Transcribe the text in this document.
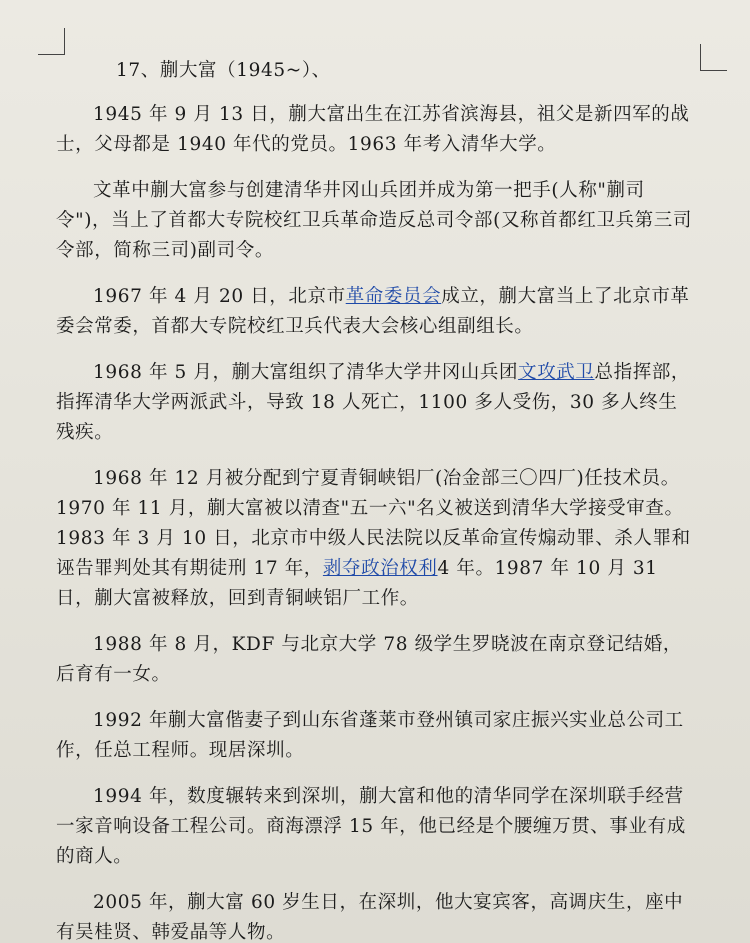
17、蒯大富（1945~）、

1945 年 9 月 13 日，蒯大富出生在江苏省滨海县，祖父是新四军的战士，父母都是 1940 年代的党员。1963 年考入清华大学。

文革中蒯大富参与创建清华井冈山兵团并成为第一把手(人称"蒯司令")，当上了首都大专院校红卫兵革命造反总司令部(又称首都红卫兵第三司令部，简称三司)副司令。

1967 年 4 月 20 日，北京市革命委员会成立，蒯大富当上了北京市革委会常委，首都大专院校红卫兵代表大会核心组副组长。

1968 年 5 月，蒯大富组织了清华大学井冈山兵团文攻武卫总指挥部，指挥清华大学两派武斗，导致 18 人死亡，1100 多人受伤，30 多人终生残疾。

1968 年 12 月被分配到宁夏青铜峡铝厂(冶金部三〇四厂)任技术员。1970 年 11 月，蒯大富被以清查"五一六"名义被送到清华大学接受审查。1983 年 3 月 10 日，北京市中级人民法院以反革命宣传煽动罪、杀人罪和诬告罪判处其有期徒刑 17 年，剥夺政治权利4 年。1987 年 10 月 31 日，蒯大富被释放，回到青铜峡铝厂工作。

1988 年 8 月，KDF 与北京大学 78 级学生罗晓波在南京登记结婚，后育有一女。

1992 年蒯大富偕妻子到山东省蓬莱市登州镇司家庄振兴实业总公司工作，任总工程师。现居深圳。

1994 年，数度辗转来到深圳，蒯大富和他的清华同学在深圳联手经营一家音响设备工程公司。商海漂浮 15 年，他已经是个腰缠万贯、事业有成的商人。

2005 年，蒯大富 60 岁生日，在深圳，他大宴宾客，高调庆生，座中有吴桂贤、韩爱晶等人物。
